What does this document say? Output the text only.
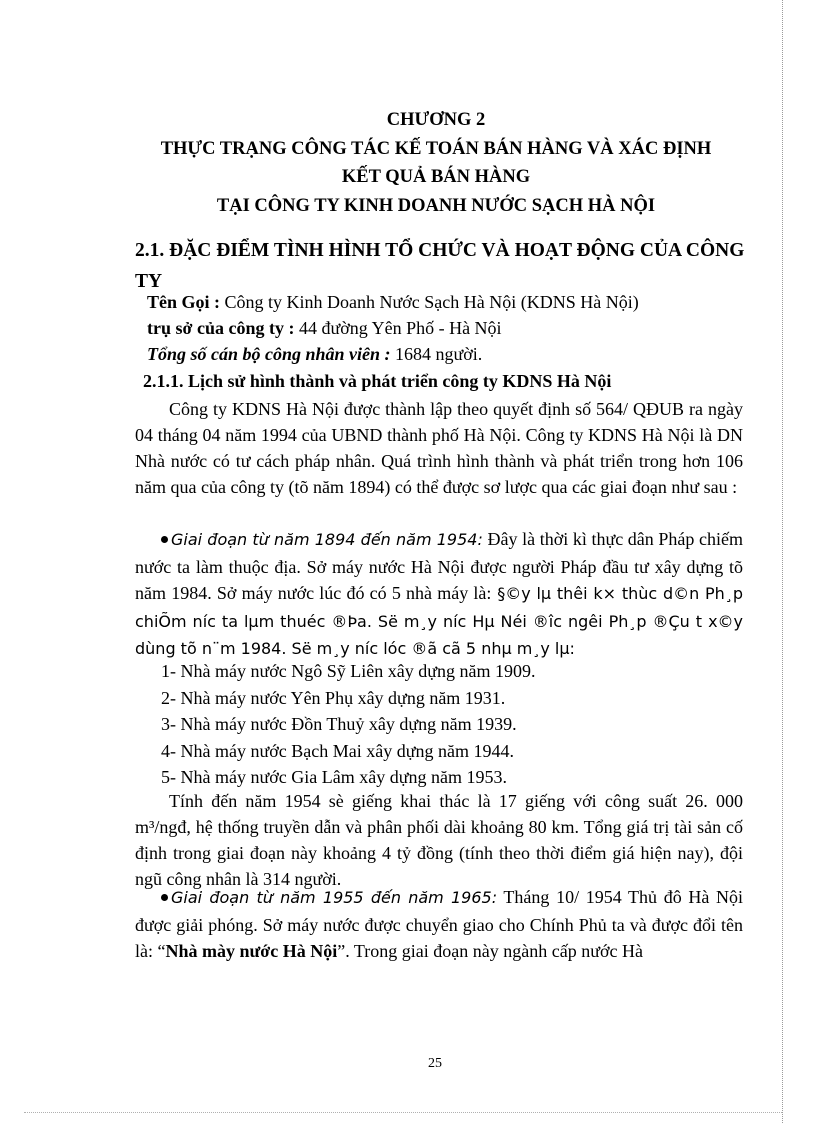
CHƯƠNG 2
THỰC TRẠNG CÔNG TÁC KẾ TOÁN BÁN HÀNG VÀ XÁC ĐỊNH
KẾT QUẢ BÁN HÀNG
TẠI CÔNG TY KINH DOANH NƯỚC SẠCH HÀ NỘI
2.1. ĐẶC ĐIỂM TÌNH HÌNH TỔ CHỨC VÀ HOẠT ĐỘNG CỦA CÔNG TY
Tên Gọi : Công ty Kinh Doanh Nước Sạch Hà Nội (KDNS Hà Nội)
trụ sở của công ty : 44 đường Yên Phố - Hà Nội
Tổng số cán bộ công nhân viên : 1684 người.
2.1.1. Lịch sử hình thành và phát triển công ty KDNS Hà Nội
Công ty KDNS Hà Nội được thành lập theo quyết định số 564/ QĐUB ra ngày 04 tháng 04 năm 1994 của UBND thành phố Hà Nội. Công ty KDNS Hà Nội là DN Nhà nước có tư cách pháp nhân. Quá trình hình thành và phát triển trong hơn 106 năm qua của công ty (tõ năm 1894) có thể được sơ lược qua các giai đoạn như sau :
Giai đoạn từ năm 1894 đến năm 1954: Đây là thời kì thực dân Pháp chiếm nước ta làm thuộc địa. Sở máy nước Hà Nội được người Pháp đầu tư xây dựng tõ năm 1984. Sở máy nước lúc đó có 5 nhà máy là: §©y lµ thêi k× thùc d©n Ph¸p chiÕm níc ta lµm thuéc ®Þa. Së m¸y níc Hµ Néi ®îc ngêi Ph¸p ®Çu t x©y dùng tõ n¨m 1984. Së m¸y níc lóc ®ã cã 5 nhµ m¸y lµ:
1- Nhà máy nước Ngô Sỹ Liên xây dựng năm 1909.
2- Nhà máy nước Yên Phụ xây dựng năm 1931.
3- Nhà máy nước Đồn Thuỷ xây dựng năm 1939.
4- Nhà máy nước Bạch Mai xây dựng năm 1944.
5- Nhà máy nước Gia Lâm xây dựng năm 1953.
Tính đến năm 1954 sè giếng khai thác là 17 giếng với công suất 26. 000 m³/ngđ, hệ thống truyền dẫn và phân phối dài khoảng 80 km. Tổng giá trị tài sản cố định trong giai đoạn này khoảng 4 tỷ đồng (tính theo thời điểm giá hiện nay), đội ngũ công nhân là 314 người.
Giai đoạn từ năm 1955 đến năm 1965: Tháng 10/ 1954 Thủ đô Hà Nội được giải phóng. Sở máy nước được chuyển giao cho Chính Phủ ta và được đổi tên là: “Nhà mày nước Hà Nội”. Trong giai đoạn này ngành cấp nước Hà
25
